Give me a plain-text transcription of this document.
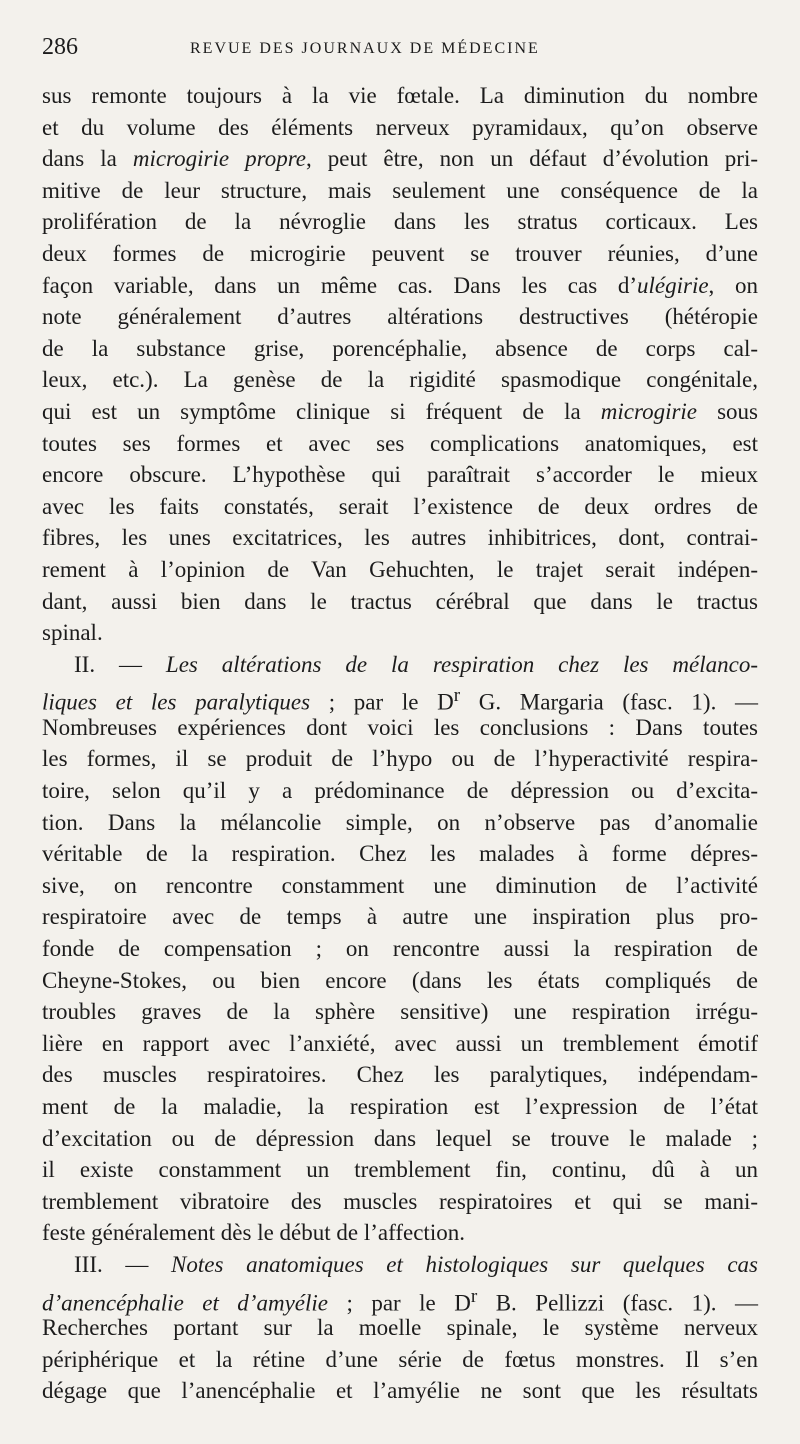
286	REVUE DES JOURNAUX DE MÉDECINE
sus remonte toujours à la vie fœtale. La diminution du nombre
et du volume des éléments nerveux pyramidaux, qu’on observe
dans la microgirie propre, peut être, non un défaut d’évolution pri-
mitive de leur structure, mais seulement une conséquence de la
prolifération de la névroglie dans les stratus corticaux. Les
deux formes de microgirie peuvent se trouver réunies, d’une
façon variable, dans un même cas. Dans les cas d’ulégirie, on
note généralement d’autres altérations destructives (hétéropie
de la substance grise, porencéphalie, absence de corps cal-
leux, etc.). La genèse de la rigidité spasmodique congénitale,
qui est un symptôme clinique si fréquent de la microgirie sous
toutes ses formes et avec ses complications anatomiques, est
encore obscure. L’hypothèse qui paraîtrait s’accorder le mieux
avec les faits constatés, serait l’existence de deux ordres de
fibres, les unes excitatrices, les autres inhibitrices, dont, contrai-
rement à l’opinion de Van Gehuchten, le trajet serait indépen-
dant, aussi bien dans le tractus cérébral que dans le tractus
spinal.
II. — Les altérations de la respiration chez les mélanco-
liques et les paralytiques ; par le $D^r$ G. Margaria (fasc. 1). —
Nombreuses expériences dont voici les conclusions : Dans toutes
les formes, il se produit de l’hypo ou de l’hyperactivité respira-
toire, selon qu’il y a prédominance de dépression ou d’excita-
tion. Dans la mélancolie simple, on n’observe pas d’anomalie
véritable de la respiration. Chez les malades à forme dépres-
sive, on rencontre constamment une diminution de l’activité
respiratoire avec de temps à autre une inspiration plus pro-
fonde de compensation ; on rencontre aussi la respiration de
Cheyne-Stokes, ou bien encore (dans les états compliqués de
troubles graves de la sphère sensitive) une respiration irrégu-
lière en rapport avec l’anxiété, avec aussi un tremblement émotif
des muscles respiratoires. Chez les paralytiques, indépendam-
ment de la maladie, la respiration est l’expression de l’état
d’excitation ou de dépression dans lequel se trouve le malade ;
il existe constamment un tremblement fin, continu, dû à un
tremblement vibratoire des muscles respiratoires et qui se mani-
feste généralement dès le début de l’affection.
III. — Notes anatomiques et histologiques sur quelques cas
d’anencéphalie et d’amyélie ; par le $D^r$ B. Pellizzi (fasc. 1). —
Recherches portant sur la moelle spinale, le système nerveux
périphérique et la rétine d’une série de fœtus monstres. Il s’en
dégage que l’anencéphalie et l’amyélie ne sont que les résultats
